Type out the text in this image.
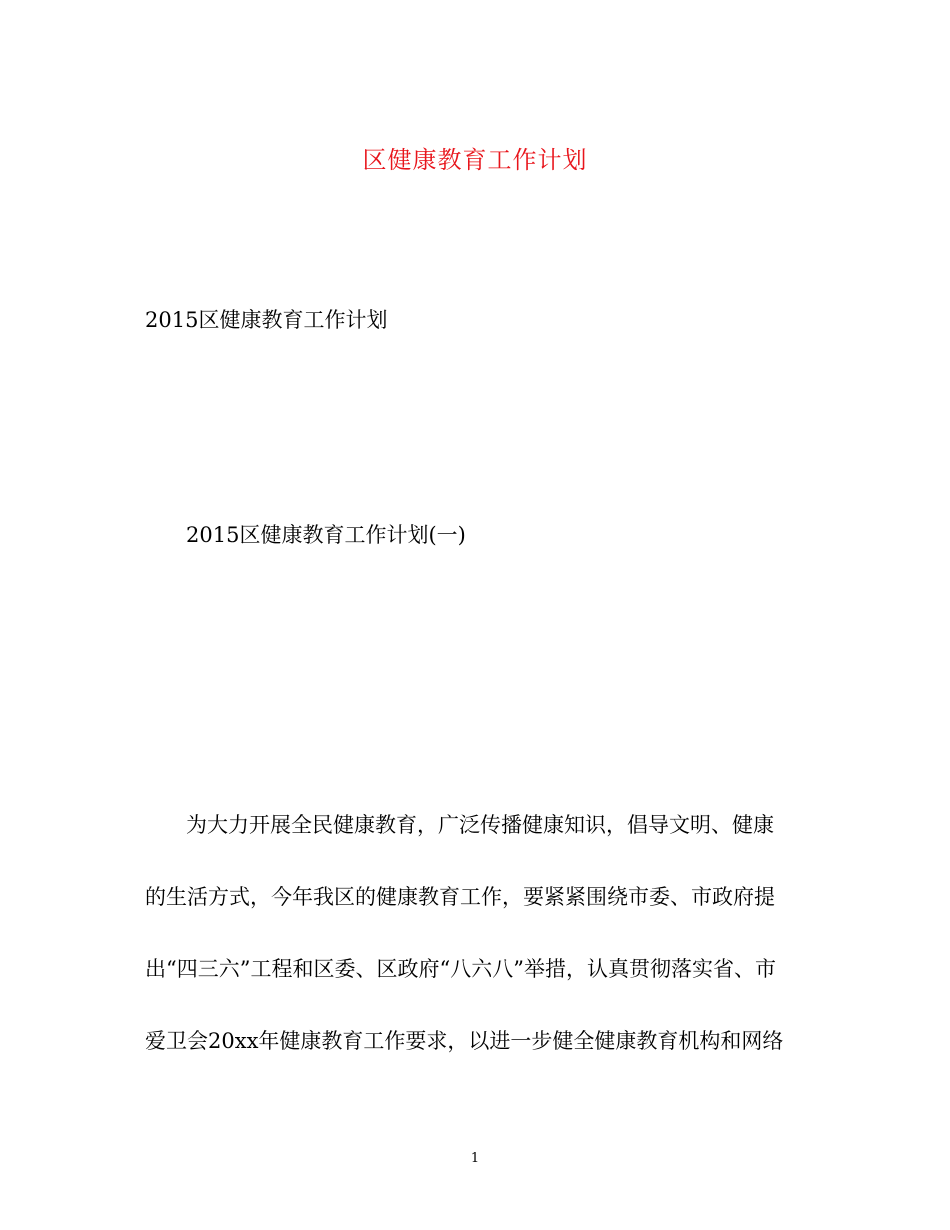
区健康教育工作计划
2015区健康教育工作计划
2015区健康教育工作计划(一)
为大力开展全民健康教育，广泛传播健康知识，倡导文明、健康
的生活方式，今年我区的健康教育工作，要紧紧围绕市委、市政府提
出“四三六”工程和区委、区政府“八六八”举措，认真贯彻落实省、市
爱卫会20xx年健康教育工作要求，以进一步健全健康教育机构和网络
1
